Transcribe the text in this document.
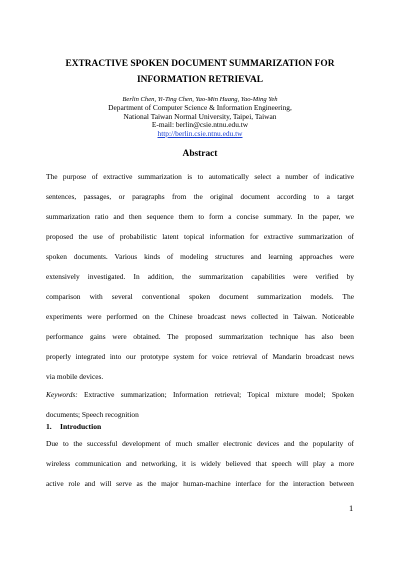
EXTRACTIVE SPOKEN DOCUMENT SUMMARIZATION FOR
INFORMATION RETRIEVAL
Berlin Chen, Yi-Ting Chen, Yao-Min Huang, Yao-Ming Yeh
Department of Computer Science & Information Engineering,
National Taiwan Normal University, Taipei, Taiwan
E-mail: berlin@csie.ntnu.edu.tw
http://berlin.csie.ntnu.edu.tw
Abstract
The purpose of extractive summarization is to automatically select a number of indicative
sentences, passages, or paragraphs from the original document according to a target
summarization ratio and then sequence them to form a concise summary. In the paper, we
proposed the use of probabilistic latent topical information for extractive summarization of
spoken documents. Various kinds of modeling structures and learning approaches were
extensively investigated. In addition, the summarization capabilities were verified by
comparison with several conventional spoken document summarization models. The
experiments were performed on the Chinese broadcast news collected in Taiwan. Noticeable
performance gains were obtained. The proposed summarization technique has also been
properly integrated into our prototype system for voice retrieval of Mandarin broadcast news
via mobile devices.
Keywords: Extractive summarization; Information retrieval; Topical mixture model; Spoken
documents; Speech recognition
1. Introduction
Due to the successful development of much smaller electronic devices and the popularity of
wireless communication and networking, it is widely believed that speech will play a more
active role and will serve as the major human-machine interface for the interaction between
1
